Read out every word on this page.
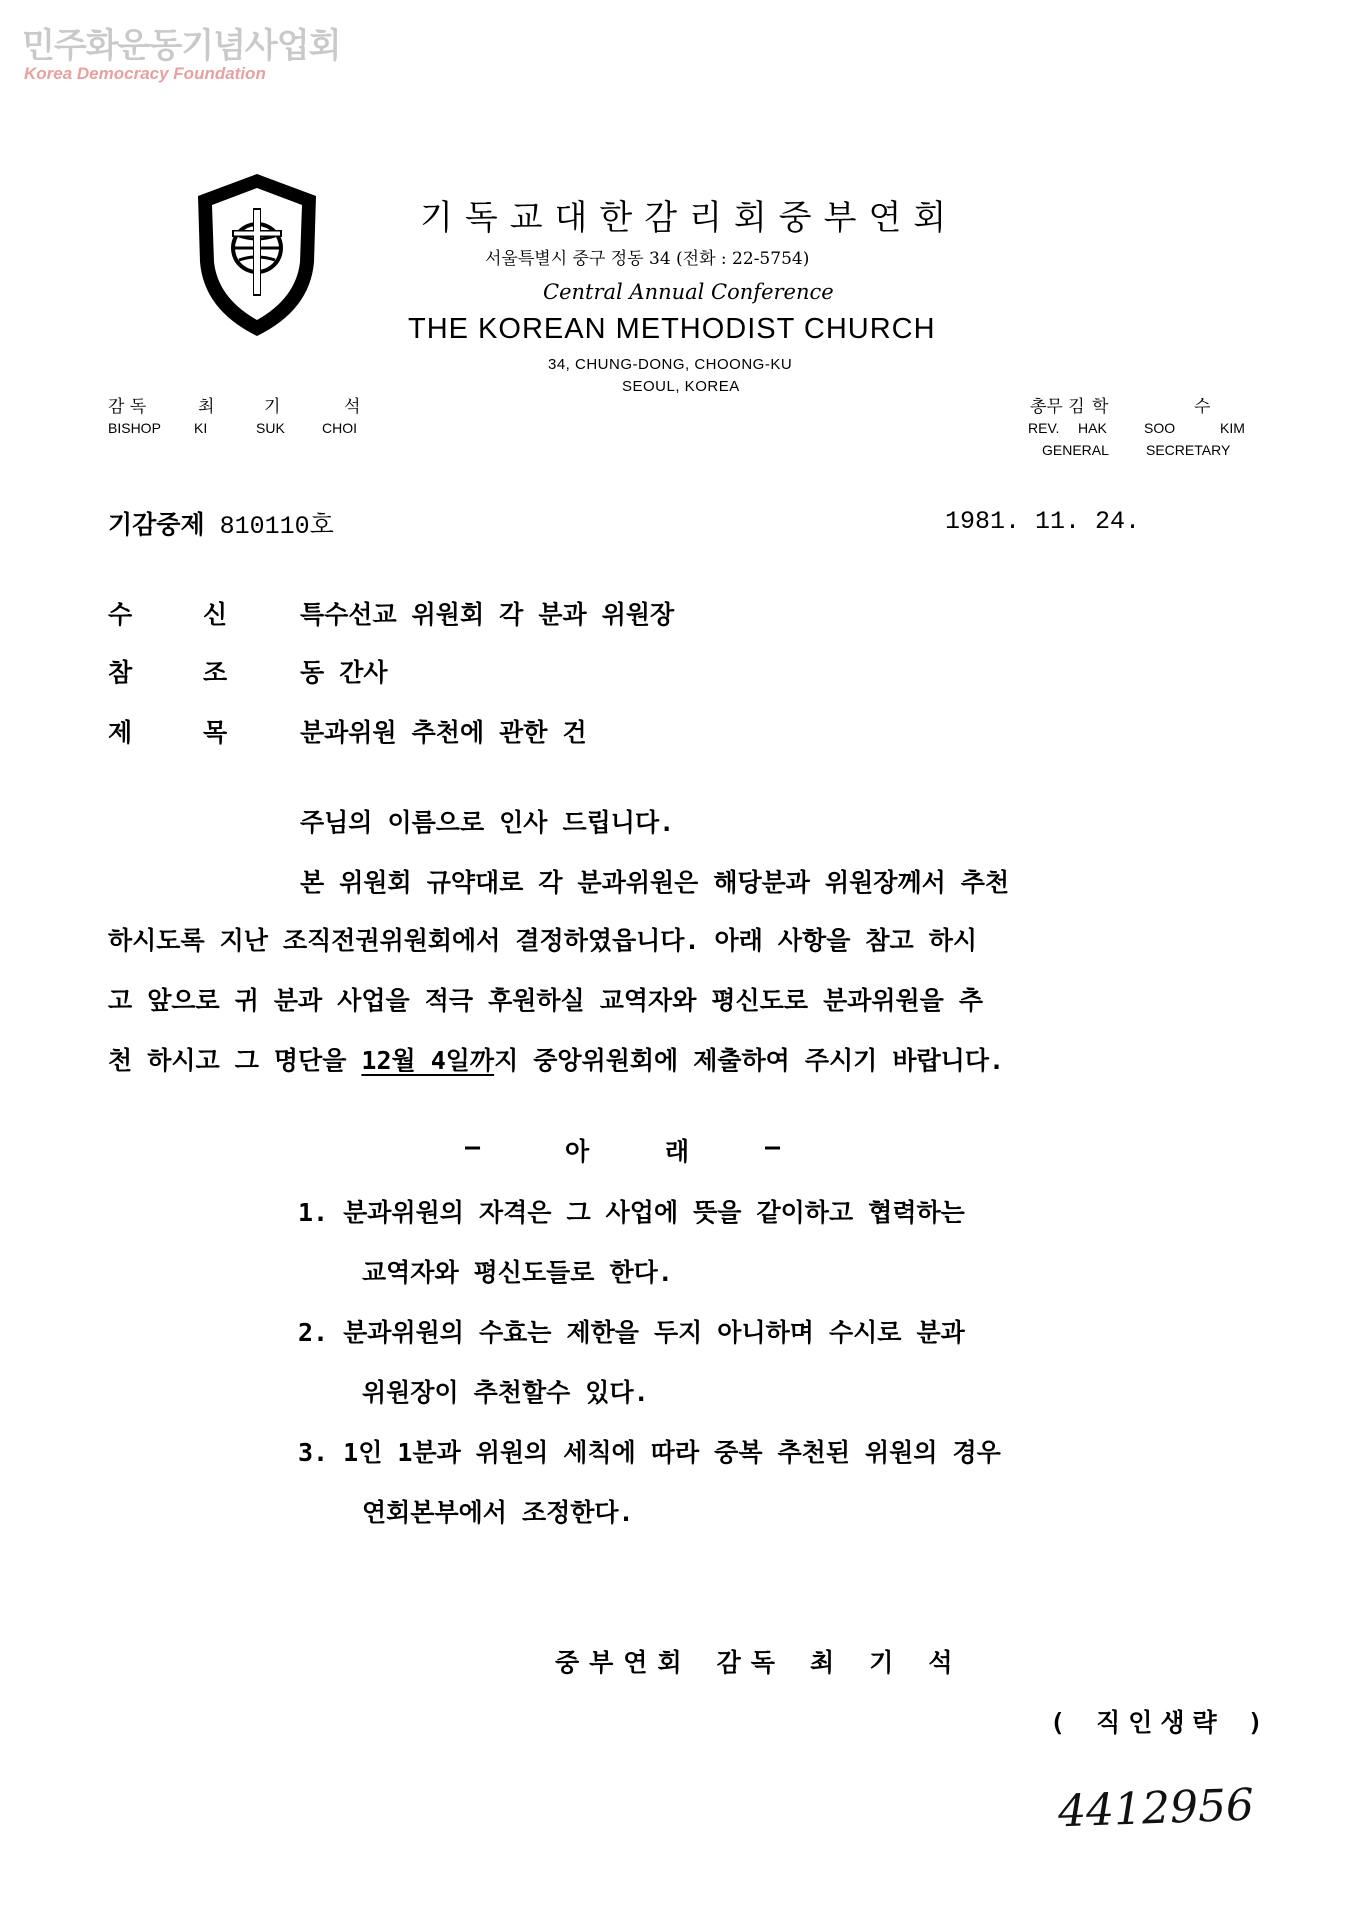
민주화운동기념사업회
Korea Democracy Foundation
기독교대한감리회중부연회
서울특별시 중구 정동 34 (전화 : 22-5754)
Central Annual Conference
THE KOREAN METHODIST CHURCH
34, CHUNG-DONG, CHOONG-KU
SEOUL, KOREA
감 독	최	기	석
BISHOP	KI	SUK	CHOI
총무 김 학	수
REV.	HAK	SOO	KIM
GENERAL	SECRETARY
기감중제 810110호	1981. 11. 24.
수	신	특수선교 위원회 각 분과 위원장
참	조	동 간사
제	목	분과위원 추천에 관한 건
주님의 이름으로 인사 드립니다.
본 위원회 규약대로 각 분과위원은 해당분과 위원장께서 추천
하시도록 지난 조직전권위원회에서 결정하였읍니다. 아래 사항을 참고 하시
고 앞으로 귀 분과 사업을 적극 후원하실 교역자와 평신도로 분과위원을 추
천 하시고 그 명단을 12월 4일까지 중앙위원회에 제출하여 주시기 바랍니다.
—	아	래	—
1. 분과위원의 자격은 그 사업에 뜻을 같이하고 협력하는
교역자와 평신도들로 한다.
2. 분과위원의 수효는 제한을 두지 아니하며 수시로 분과
위원장이 추천할수 있다.
3. 1인 1분과 위원의 세칙에 따라 중복 추천된 위원의 경우
연회본부에서 조정한다.
중부연회 감독 최 기 석
( 직인생략 )
4412956
